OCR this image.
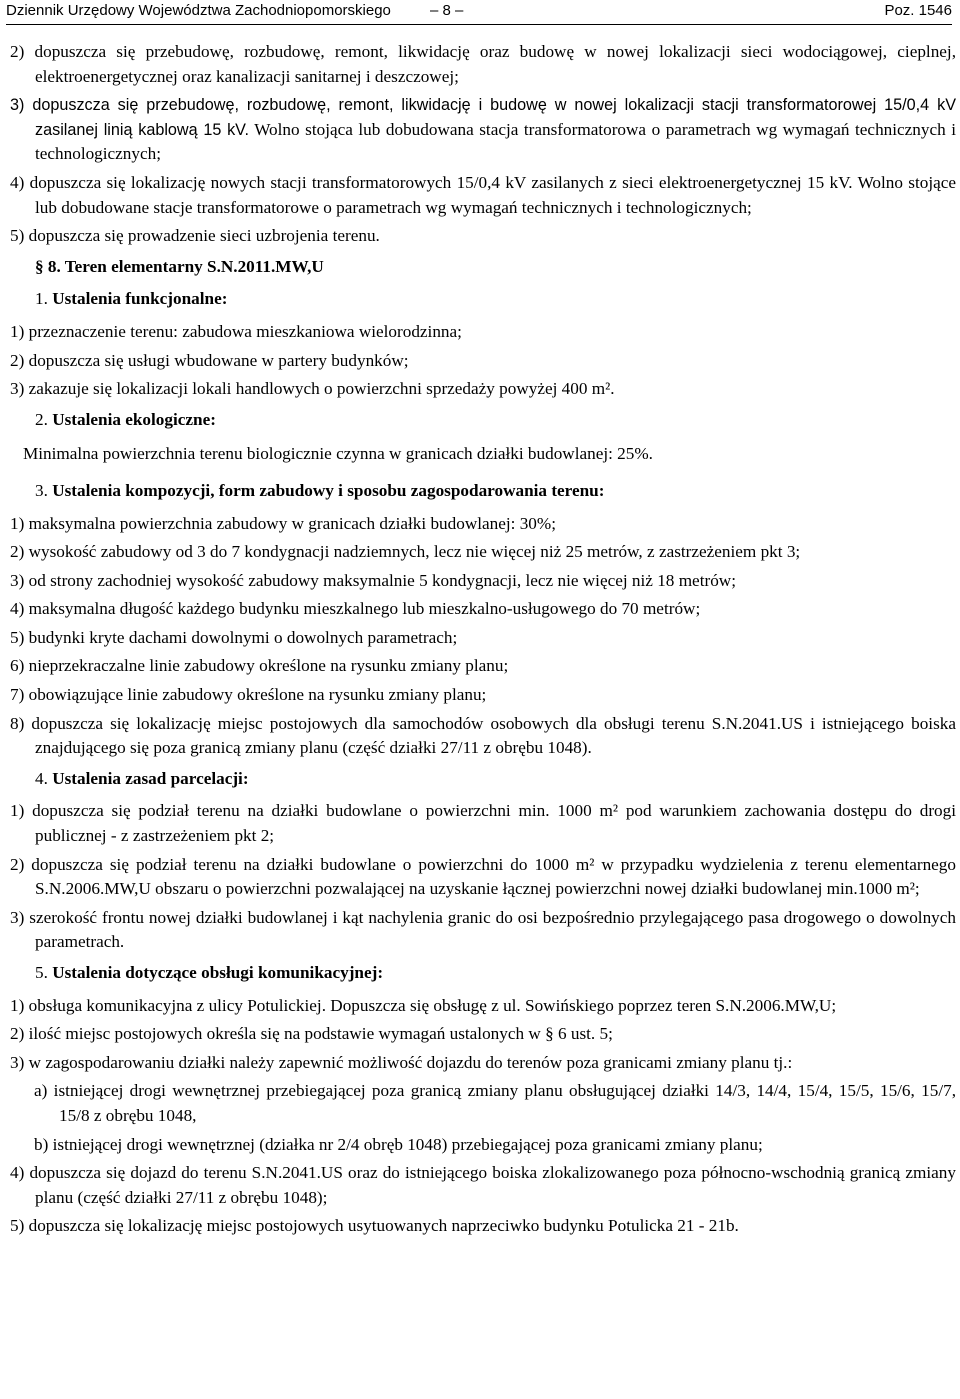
Dziennik Urzędowy Województwa Zachodniopomorskiego	– 8 –	Poz. 1546

2) dopuszcza się przebudowę, rozbudowę, remont, likwidację oraz budowę w nowej lokalizacji sieci wodociągowej, cieplnej, elektroenergetycznej oraz kanalizacji sanitarnej i deszczowej;

3) dopuszcza się przebudowę, rozbudowę, remont, likwidację i budowę w nowej lokalizacji stacji transformatorowej 15/0,4 kV zasilanej linią kablową 15 kV. Wolno stojąca lub dobudowana stacja transformatorowa o parametrach wg wymagań technicznych i technologicznych;

4) dopuszcza się lokalizację nowych stacji transformatorowych 15/0,4 kV zasilanych z sieci elektroenergetycznej 15 kV. Wolno stojące lub dobudowane stacje transformatorowe o parametrach wg wymagań technicznych i technologicznych;

5) dopuszcza się prowadzenie sieci uzbrojenia terenu.

§ 8. Teren elementarny S.N.2011.MW,U

1. Ustalenia funkcjonalne:

1) przeznaczenie terenu: zabudowa mieszkaniowa wielorodzinna;

2) dopuszcza się usługi wbudowane w partery budynków;

3) zakazuje się lokalizacji lokali handlowych o powierzchni sprzedaży powyżej 400 m².

2. Ustalenia ekologiczne:

Minimalna powierzchnia terenu biologicznie czynna w granicach działki budowlanej: 25%.

3. Ustalenia kompozycji, form zabudowy i sposobu zagospodarowania terenu:

1) maksymalna powierzchnia zabudowy w granicach działki budowlanej: 30%;

2) wysokość zabudowy od 3 do 7 kondygnacji nadziemnych, lecz nie więcej niż 25 metrów, z zastrzeżeniem pkt 3;

3) od strony zachodniej wysokość zabudowy maksymalnie 5 kondygnacji, lecz nie więcej niż 18 metrów;

4) maksymalna długość każdego budynku mieszkalnego lub mieszkalno-usługowego do 70 metrów;

5) budynki kryte dachami dowolnymi o dowolnych parametrach;

6) nieprzekraczalne linie zabudowy określone na rysunku zmiany planu;

7) obowiązujące linie zabudowy określone na rysunku zmiany planu;

8) dopuszcza się lokalizację miejsc postojowych dla samochodów osobowych dla obsługi terenu S.N.2041.US i istniejącego boiska znajdującego się poza granicą zmiany planu (część działki 27/11 z obrębu 1048).

4. Ustalenia zasad parcelacji:

1) dopuszcza się podział terenu na działki budowlane o powierzchni min. 1000 m² pod warunkiem zachowania dostępu do drogi publicznej - z zastrzeżeniem pkt 2;

2) dopuszcza się podział terenu na działki budowlane o powierzchni do 1000 m² w przypadku wydzielenia z terenu elementarnego S.N.2006.MW,U obszaru o powierzchni pozwalającej na uzyskanie łącznej powierzchni nowej działki budowlanej min.1000 m²;

3) szerokość frontu nowej działki budowlanej i kąt nachylenia granic do osi bezpośrednio przylegającego pasa drogowego o dowolnych parametrach.

5. Ustalenia dotyczące obsługi komunikacyjnej:

1) obsługa komunikacyjna z ulicy Potulickiej. Dopuszcza się obsługę z ul. Sowińskiego poprzez teren S.N.2006.MW,U;

2) ilość miejsc postojowych określa się na podstawie wymagań ustalonych w § 6 ust. 5;

3) w zagospodarowaniu działki należy zapewnić możliwość dojazdu do terenów poza granicami zmiany planu tj.:

a) istniejącej drogi wewnętrznej przebiegającej poza granicą zmiany planu obsługującej działki 14/3, 14/4, 15/4, 15/5, 15/6, 15/7, 15/8 z obrębu 1048,

b) istniejącej drogi wewnętrznej (działka nr 2/4 obręb 1048) przebiegającej poza granicami zmiany planu;

4) dopuszcza się dojazd do terenu S.N.2041.US oraz do istniejącego boiska zlokalizowanego poza północno-wschodnią granicą zmiany planu (część działki 27/11 z obrębu 1048);

5) dopuszcza się lokalizację miejsc postojowych usytuowanych naprzeciwko budynku Potulicka 21 - 21b.
